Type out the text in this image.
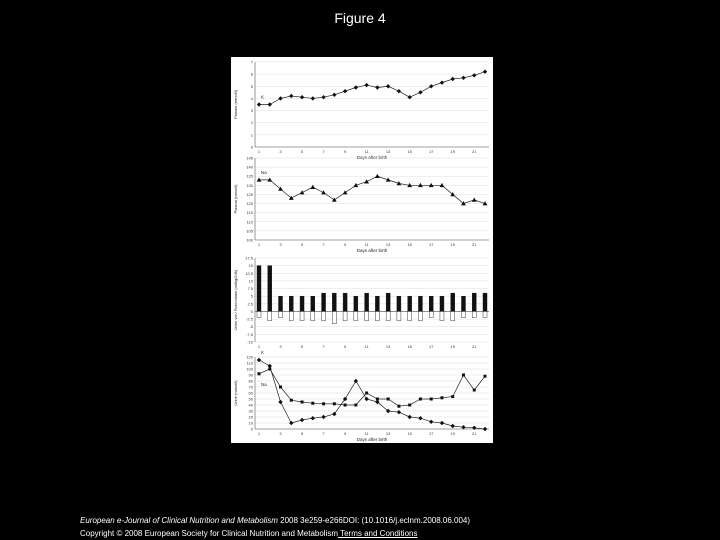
Figure 4
0
1
2
3
4
5
6
7
1	3	5	7	9	11	13	15	17	19	21
Plasma (mmol/l)
Days after birth
K
100
105
110
115
120
125
130
135
140
145
1	3	5	7	9	11	13	15	17	19	21
Plasma (mmol/l)
Days after birth
Na
-10
-7.5
-5
-2.5
0
2.5
5
7.5
10
12.5
15
17.5
1	3	5	7	9	11	13	15	17	19	21
Urine vol./ Fluid intake (ml/kg/24h)
0
10
20
30
40
50
60
70
80
90
100
110
120
1	3	5	7	9	11	13	15	17	19	21
Urine (mmol/l)
Days after birth
K
Na
European e-Journal of Clinical Nutrition and Metabolism 2008 3e259-e266DOI: (10.1016/j.eclnm.2008.06.004)
Copyright © 2008 European Society for Clinical Nutrition and Metabolism Terms and Conditions
